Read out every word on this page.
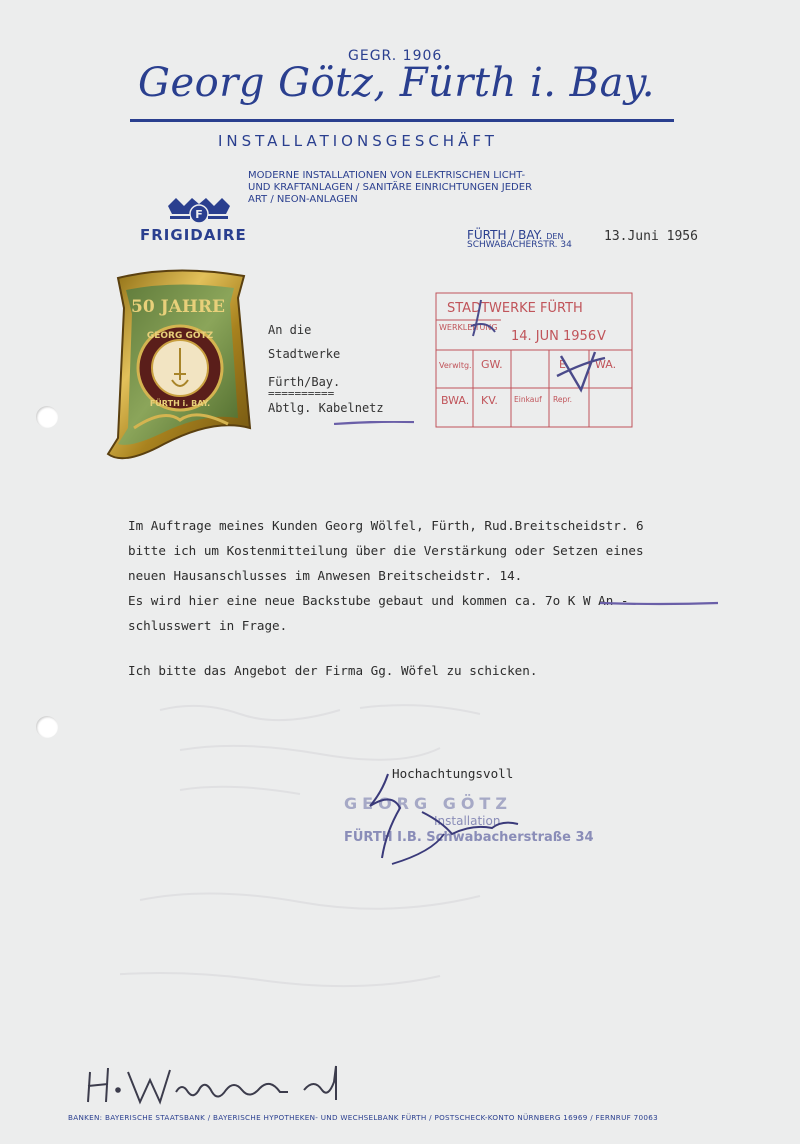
GEGR. 1906
Georg Götz, Fürth i. Bay.
INSTALLATIONSGESCHÄFT
MODERNE INSTALLATIONEN VON ELEKTRISCHEN LICHT-
UND KRAFTANLAGEN / SANITÄRE EINRICHTUNGEN JEDER
ART / NEON-ANLAGEN
F
FRIGIDAIRE	FÜRTH / BAY. DEN
SCHWABACHERSTR. 34
13.Juni 1956
50 JAHRE
GEORG GÖTZ
FÜRTH i. BAY.
An die
Stadtwerke
Fürth/Bay.
==========
Abtlg. Kabelnetz
STADTWERKE FÜRTH
WERKLEITUNG
14. JUN 1956 V
Verwltg. GW.	E. WA.
BWA. KV. Einkauf Repr.
Im Auftrage meines Kunden Georg Wölfel, Fürth, Rud.Breitscheidstr. 6
bitte ich um Kostenmitteilung über die Verstärkung oder Setzen eines
neuen Hausanschlusses im Anwesen Breitscheidstr. 14.
Es wird hier eine neue Backstube gebaut und kommen ca. 7o K W An -
schlusswert in Frage.
Ich bitte das Angebot der Firma Gg. Wöfel zu schicken.
Hochachtungsvoll
GEORG GÖTZ
Installation
FÜRTH I.B. Schwabacherstraße 34
BANKEN: BAYERISCHE STAATSBANK / BAYERISCHE HYPOTHEKEN- UND WECHSELBANK FÜRTH / POSTSCHECK-KONTO NÜRNBERG 16969 / FERNRUF 70063
